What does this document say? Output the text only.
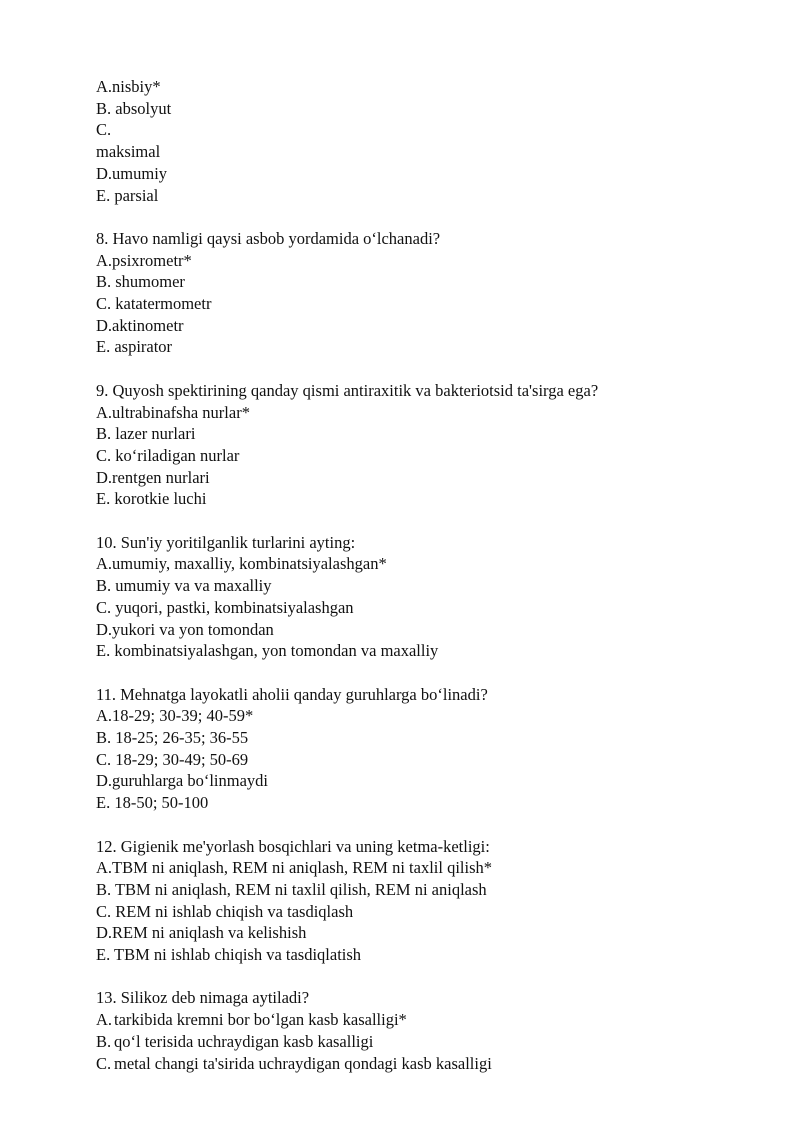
A.nisbiy*
B. absolyut
C.
maksimal
D.umumiy
E. parsial
8. Havo namligi qaysi asbob yordamida o‘lchanadi?
A.psixrometr*
B. shumomer
C. katatermometr
D.aktinometr
E. aspirator
9. Quyosh spektirining qanday qismi antiraxitik va bakteriotsid ta'sirga ega?
A.ultrabinafsha nurlar*
B. lazer nurlari
C. ko‘riladigan nurlar
D.rentgen nurlari
E. korotkie luchi
10. Sun'iy yoritilganlik turlarini ayting:
A.umumiy, maxalliy, kombinatsiyalashgan*
B. umumiy va va maxalliy
C. yuqori, pastki, kombinatsiyalashgan
D.yukori va yon tomondan
E. kombinatsiyalashgan, yon tomondan va maxalliy
11. Mehnatga layokatli aholii qanday guruhlarga bo‘linadi?
A.18-29; 30-39; 40-59*
B. 18-25; 26-35; 36-55
C. 18-29; 30-49; 50-69
D.guruhlarga bo‘linmaydi
E. 18-50; 50-100
12. Gigienik me'yorlash bosqichlari va uning ketma-ketligi:
A.TBM ni aniqlash, REM ni aniqlash, REM ni taxlil qilish*
B. TBM ni aniqlash, REM ni taxlil qilish, REM ni aniqlash
C. REM ni ishlab chiqish va tasdiqlash
D.REM ni aniqlash va kelishish
E. TBM ni ishlab chiqish va tasdiqlatish
13. Silikoz deb nimaga aytiladi?
A. tarkibida kremni bor bo‘lgan kasb kasalligi*
B. qo‘l terisida uchraydigan kasb kasalligi
C. metal changi ta'sirida uchraydigan qondagi kasb kasalligi
